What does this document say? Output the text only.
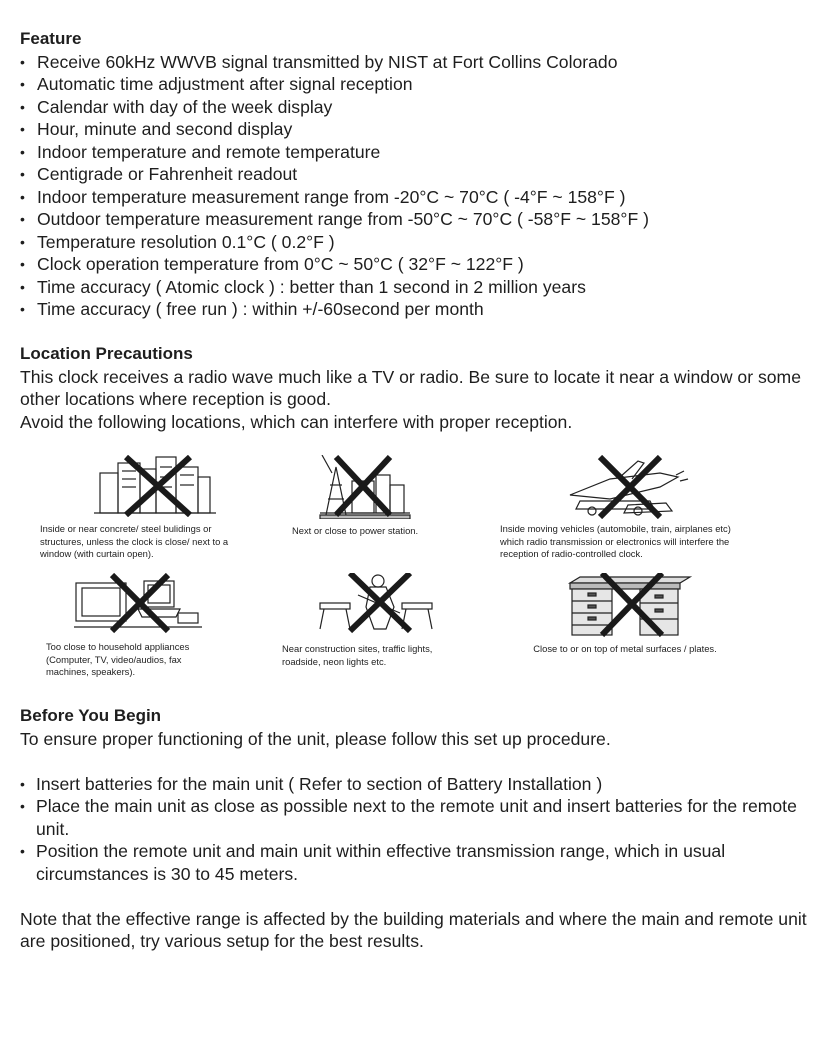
Feature
• Receive 60kHz WWVB signal transmitted by NIST at Fort Collins Colorado
• Automatic time adjustment after signal reception
• Calendar with day of the week display
• Hour, minute and second display
• Indoor temperature and remote temperature
• Centigrade or Fahrenheit readout
• Indoor temperature measurement range from -20°C ~ 70°C ( -4°F ~ 158°F )
• Outdoor temperature measurement range from -50°C ~ 70°C ( -58°F ~ 158°F )
• Temperature resolution 0.1°C ( 0.2°F )
• Clock operation temperature from 0°C ~ 50°C ( 32°F ~ 122°F )
• Time accuracy ( Atomic clock ) : better than 1 second in 2 million years
• Time accuracy ( free run ) : within +/-60second per month
Location Precautions

This clock receives a radio wave much like a TV or radio. Be sure to locate it near a window or some other locations where reception is good.

Avoid the following locations, which can interfere with proper reception.

Inside or near concrete/ steel bulidings or structures, unless the clock is close/ next to a window (with curtain open).
Next or close to power station.	Inside moving vehicles (automobile, train, airplanes etc) which radio transmission or electronics will interfere the reception of radio-controlled clock.
Too close to household appliances (Computer, TV, video/audios, fax machines, speakers).
Near construction sites, traffic lights, roadside, neon lights etc.
Close to or on top of metal surfaces / plates.
Before You Begin

To ensure proper functioning of the unit, please follow this set up procedure.

• Insert batteries for the main unit ( Refer to section of Battery Installation )
• Place the main unit as close as possible next to the remote unit and insert batteries for the remote unit.
• Position the remote unit and main unit within effective transmission range, which in usual circumstances is 30 to 45 meters.

Note that the effective range is affected by the building materials and where the main and remote unit are positioned, try various setup for the best results.
